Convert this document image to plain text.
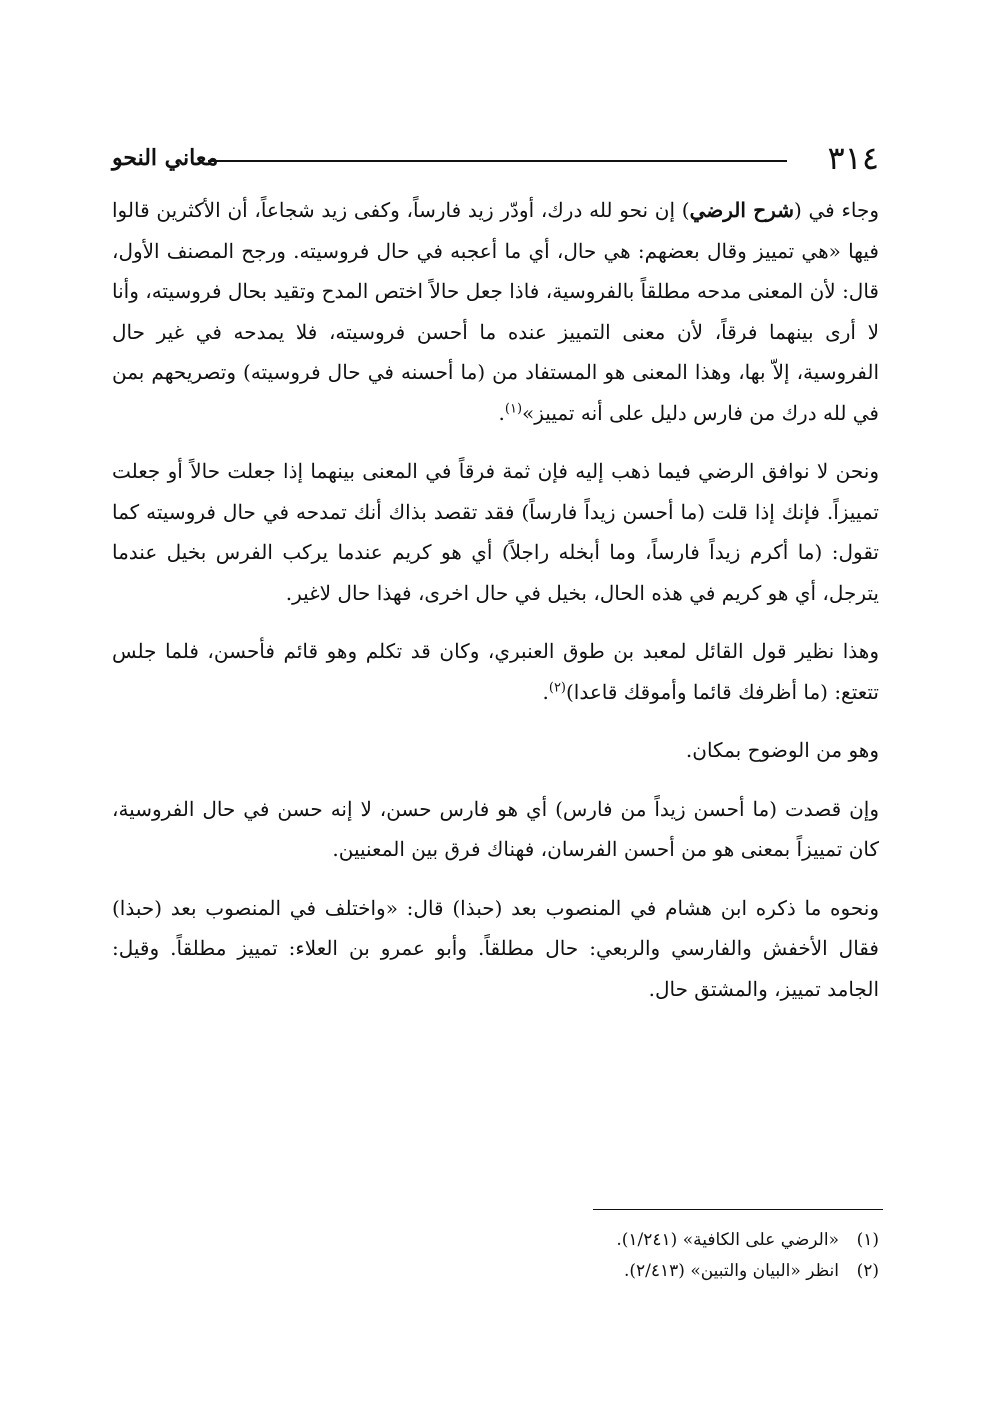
٣١٤
معاني النحو

وجاء في (شرح الرضي) إن نحو لله درك، أودّر زيد فارساً، وكفى زيد شجاعاً، أن الأكثرين قالوا فيها «هي تمييز وقال بعضهم: هي حال، أي ما أعجبه في حال فروسيته. ورجح المصنف الأول، قال: لأن المعنى مدحه مطلقاً بالفروسية، فاذا جعل حالاً اختص المدح وتقيد بحال فروسيته، وأنا لا أرى بينهما فرقاً، لأن معنى التمييز عنده ما أحسن فروسيته، فلا يمدحه في غير حال الفروسية، إلاّ بها، وهذا المعنى هو المستفاد من (ما أحسنه في حال فروسيته) وتصريحهم بمن في لله درك من فارس دليل على أنه تمييز»$^{(١)}$.

ونحن لا نوافق الرضي فيما ذهب إليه فإن ثمة فرقاً في المعنى بينهما إذا جعلت حالاً أو جعلت تمييزاً. فإنك إذا قلت (ما أحسن زيداً فارساً) فقد تقصد بذاك أنك تمدحه في حال فروسيته كما تقول: (ما أكرم زيداً فارساً، وما أبخله راجلاً) أي هو كريم عندما يركب الفرس بخيل عندما يترجل، أي هو كريم في هذه الحال، بخيل في حال اخرى، فهذا حال لاغير.

وهذا نظير قول القائل لمعبد بن طوق العنبري، وكان قد تكلم وهو قائم فأحسن، فلما جلس تتعتع: (ما أظرفك قائما وأموقك قاعدا)$^{(٢)}$.

وهو من الوضوح بمكان.

وإن قصدت (ما أحسن زيداً من فارس) أي هو فارس حسن، لا إنه حسن في حال الفروسية، كان تمييزاً بمعنى هو من أحسن الفرسان، فهناك فرق بين المعنيين.

ونحوه ما ذكره ابن هشام في المنصوب بعد (حبذا) قال: «واختلف في المنصوب بعد (حبذا) فقال الأخفش والفارسي والربعي: حال مطلقاً. وأبو عمرو بن العلاء: تمييز مطلقاً. وقيل: الجامد تمييز، والمشتق حال.

(١)
«الرضي على الكافية» (١/٢٤١).
(٢)
انظر «البيان والتبين» (٢/٤١٣).
